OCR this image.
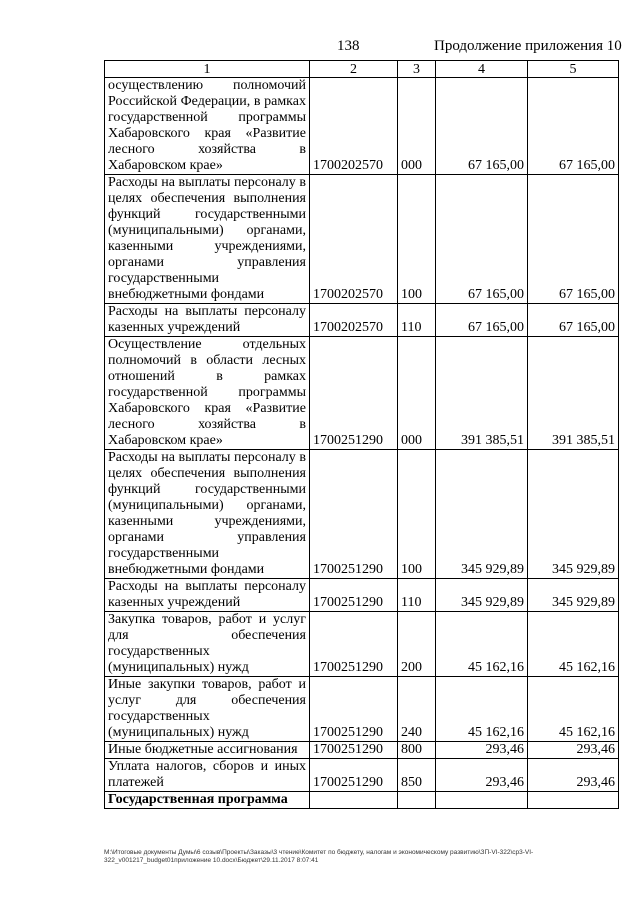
138	Продолжение приложения 10
1	2	3	4	5
осуществлению полномочий Российской Федерации, в рамках государственной программы Хабаровского края «Развитие лесного хозяйства в Хабаровском крае»	1700202570	000	67 165,00	67 165,00
Расходы на выплаты персоналу в целях обеспечения выполнения функций государственными (муниципальными) органами, казенными учреждениями, органами управления государственными внебюджетными фондами	1700202570	100	67 165,00	67 165,00
Расходы на выплаты персоналу казенных учреждений	1700202570	110	67 165,00	67 165,00
Осуществление отдельных полномочий в области лесных отношений в рамках государственной программы Хабаровского края «Развитие лесного хозяйства в Хабаровском крае»	1700251290	000	391 385,51	391 385,51
Расходы на выплаты персоналу в целях обеспечения выполнения функций государственными (муниципальными) органами, казенными учреждениями, органами управления государственными внебюджетными фондами	1700251290	100	345 929,89	345 929,89
Расходы на выплаты персоналу казенных учреждений	1700251290	110	345 929,89	345 929,89
Закупка товаров, работ и услуг для обеспечения государственных (муниципальных) нужд	1700251290	200	45 162,16	45 162,16
Иные закупки товаров, работ и услуг для обеспечения государственных (муниципальных) нужд	1700251290	240	45 162,16	45 162,16
Иные бюджетные ассигнования	1700251290	800	293,46	293,46
Уплата налогов, сборов и иных платежей	1700251290	850	293,46	293,46
Государственная программа				
М:\Итоговые документы Думы\6 созыв\Проекты\Заказы\3 чтение\Комитет по бюджету, налогам и экономическому развитию\ЗП-VI-322\ср3-VI-322_v001217_budget01приложение 10.docx\Бюджет\29.11.2017 8:07:41
